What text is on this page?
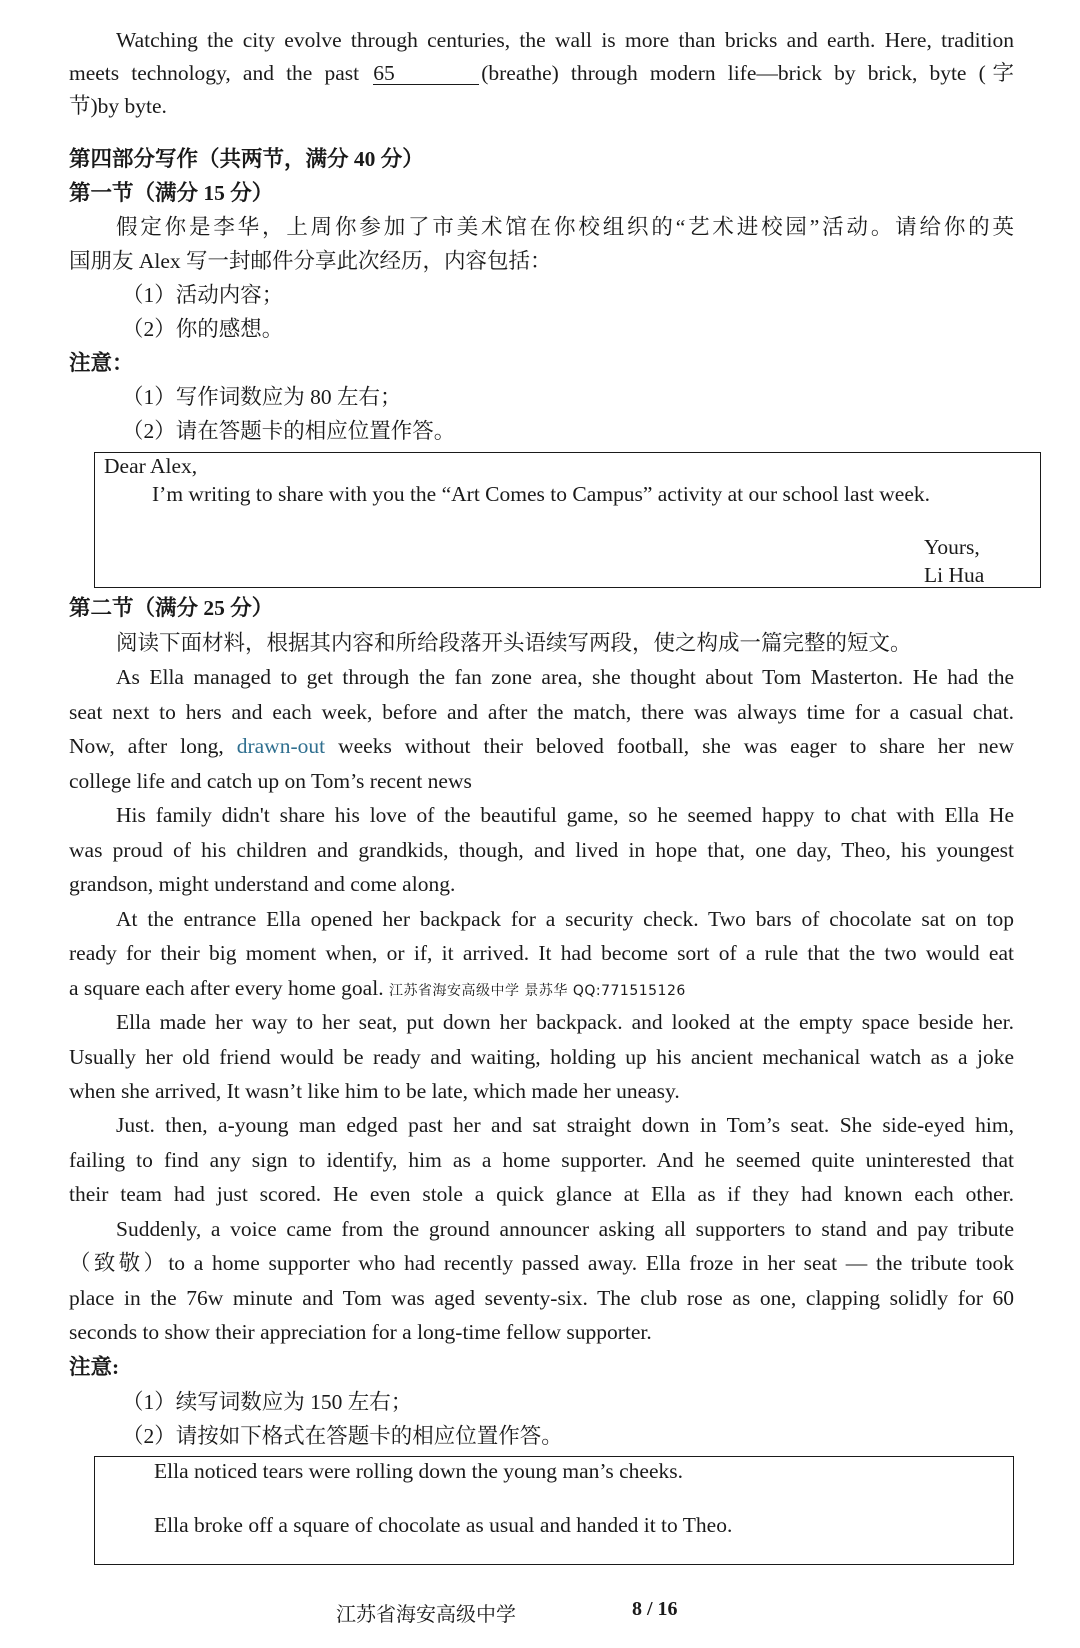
Watching the city evolve through centuries, the wall is more than bricks and earth. Here, tradition
meets technology, and the past 65	(breathe) through modern life—brick by brick, byte (字
节)by byte.
第四部分写作（共两节，满分 40 分）
第一节（满分 15 分）
假定你是李华，上周你参加了市美术馆在你校组织的“艺术进校园”活动。请给你的英
国朋友 Alex 写一封邮件分享此次经历，内容包括：
（1）活动内容；
（2）你的感想。
注意：
（1）写作词数应为 80 左右；
（2）请在答题卡的相应位置作答。
Dear Alex,
I’m writing to share with you the “Art Comes to Campus” activity at our school last week.
Yours,
Li Hua
第二节（满分 25 分）
阅读下面材料，根据其内容和所给段落开头语续写两段，使之构成一篇完整的短文。
As Ella managed to get through the fan zone area, she thought about Tom Masterton. He had the
seat next to hers and each week, before and after the match, there was always time for a casual chat.
Now, after long, drawn-out weeks without their beloved football, she was eager to share her new
college life and catch up on Tom’s recent news
His family didn't share his love of the beautiful game, so he seemed happy to chat with Ella He
was proud of his children and grandkids, though, and lived in hope that, one day, Theo, his youngest
grandson, might understand and come along.
At the entrance Ella opened her backpack for a security check. Two bars of chocolate sat on top
ready for their big moment when, or if, it arrived. It had become sort of a rule that the two would eat
a square each after every home goal. 江苏省海安高级中学 景苏华 QQ:771515126
Ella made her way to her seat, put down her backpack. and looked at the empty space beside her.
Usually her old friend would be ready and waiting, holding up his ancient mechanical watch as a joke
when she arrived, It wasn’t like him to be late, which made her uneasy.
Just. then, a-young man edged past her and sat straight down in Tom’s seat. She side-eyed him,
failing to find any sign to identify, him as a home supporter. And he seemed quite uninterested that
their team had just scored. He even stole a quick glance at Ella as if they had known each other.
Suddenly, a voice came from the ground announcer asking all supporters to stand and pay tribute
（致敬）to a home supporter who had recently passed away. Ella froze in her seat — the tribute took
place in the 76w minute and Tom was aged seventy-six. The club rose as one, clapping solidly for 60
seconds to show their appreciation for a long-time fellow supporter.
注意:
（1）续写词数应为 150 左右；
（2）请按如下格式在答题卡的相应位置作答。
Ella noticed tears were rolling down the young man’s cheeks.
Ella broke off a square of chocolate as usual and handed it to Theo.
江苏省海安高级中学	8 / 16
